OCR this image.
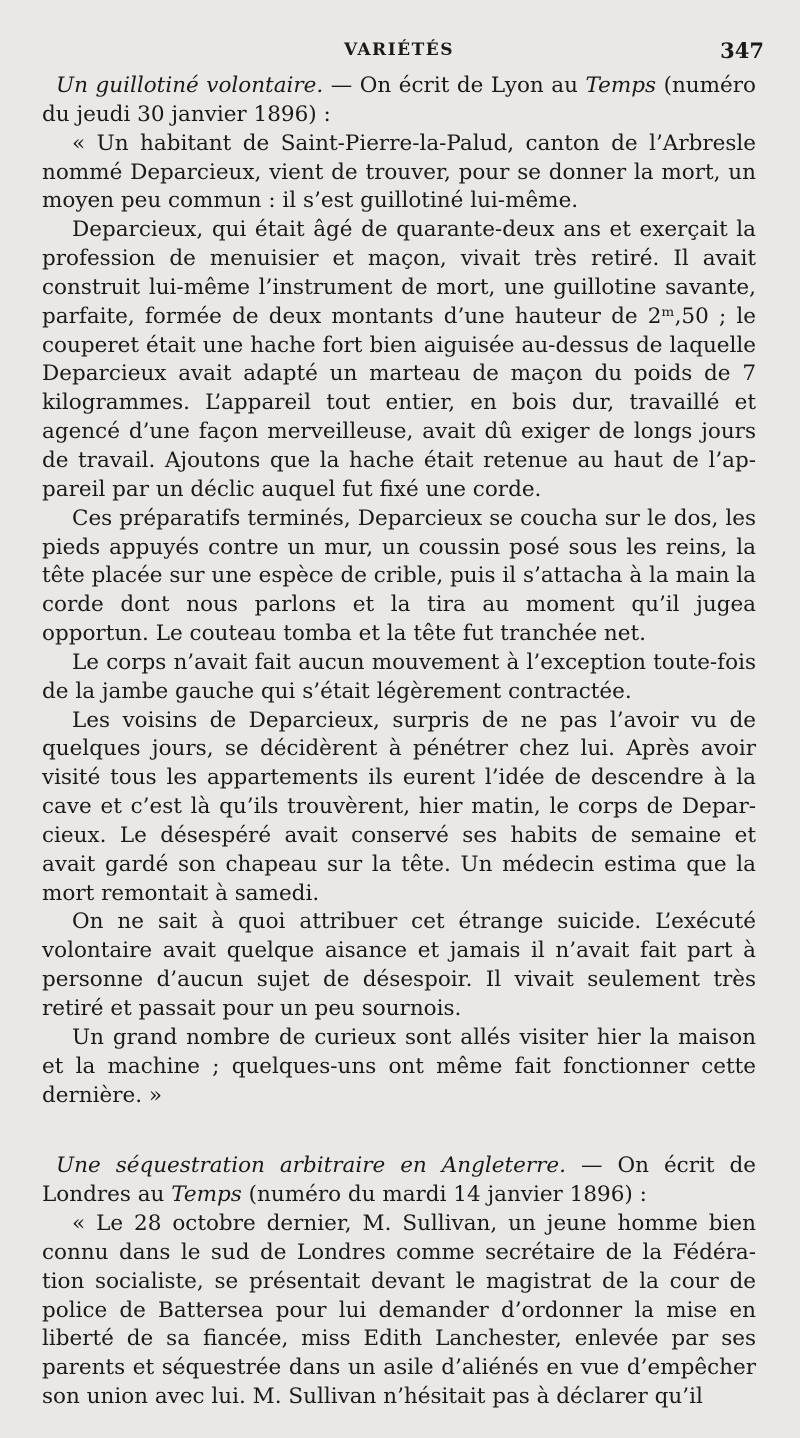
VARIÉTÉS	347

Un guillotiné volontaire. — On écrit de Lyon au Temps (numéro du jeudi 30 janvier 1896) :

« Un habitant de Saint-Pierre-la-Palud, canton de l’Arbresle nommé Deparcieux, vient de trouver, pour se donner la mort, un moyen peu commun : il s’est guillotiné lui-même.

Deparcieux, qui était âgé de quarante-deux ans et exerçait la profession de menuisier et maçon, vivait très retiré. Il avait construit lui-même l’instrument de mort, une guillotine savante, parfaite, formée de deux montants d’une hauteur de 2ᵐ,50 ; le couperet était une hache fort bien aiguisée au-dessus de laquelle Deparcieux avait adapté un marteau de maçon du poids de 7 kilogrammes. L’appareil tout entier, en bois dur, travaillé et agencé d’une façon merveilleuse, avait dû exiger de longs jours de travail. Ajoutons que la hache était retenue au haut de l’ap-pareil par un déclic auquel fut fixé une corde.

Ces préparatifs terminés, Deparcieux se coucha sur le dos, les pieds appuyés contre un mur, un coussin posé sous les reins, la tête placée sur une espèce de crible, puis il s’attacha à la main la corde dont nous parlons et la tira au moment qu’il jugea opportun. Le couteau tomba et la tête fut tranchée net.

Le corps n’avait fait aucun mouvement à l’exception toute-fois de la jambe gauche qui s’était légèrement contractée.

Les voisins de Deparcieux, surpris de ne pas l’avoir vu de quelques jours, se décidèrent à pénétrer chez lui. Après avoir visité tous les appartements ils eurent l’idée de descendre à la cave et c’est là qu’ils trouvèrent, hier matin, le corps de Depar-cieux. Le désespéré avait conservé ses habits de semaine et avait gardé son chapeau sur la tête. Un médecin estima que la mort remontait à samedi.

On ne sait à quoi attribuer cet étrange suicide. L’exécuté volontaire avait quelque aisance et jamais il n’avait fait part à personne d’aucun sujet de désespoir. Il vivait seulement très retiré et passait pour un peu sournois.

Un grand nombre de curieux sont allés visiter hier la maison et la machine ; quelques-uns ont même fait fonctionner cette dernière. »

Une séquestration arbitraire en Angleterre. — On écrit de Londres au Temps (numéro du mardi 14 janvier 1896) :

« Le 28 octobre dernier, M. Sullivan, un jeune homme bien connu dans le sud de Londres comme secrétaire de la Fédéra-tion socialiste, se présentait devant le magistrat de la cour de police de Battersea pour lui demander d’ordonner la mise en liberté de sa fiancée, miss Edith Lanchester, enlevée par ses parents et séquestrée dans un asile d’aliénés en vue d’empêcher son union avec lui. M. Sullivan n’hésitait pas à déclarer qu’il
